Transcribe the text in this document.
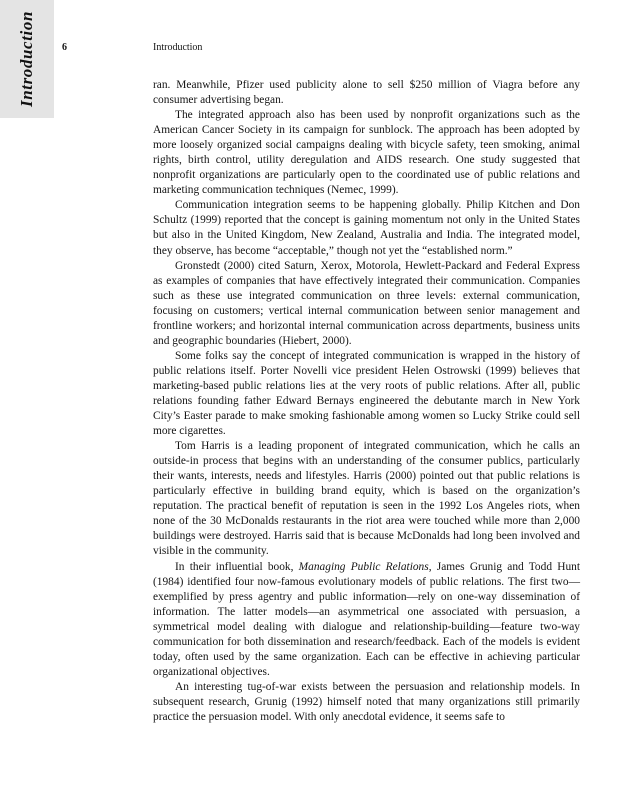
Introduction	6	Introduction

ran. Meanwhile, Pfizer used publicity alone to sell $250 million of Viagra before any consumer advertising began.

The integrated approach also has been used by nonprofit organizations such as the American Cancer Society in its campaign for sunblock. The approach has been adopted by more loosely organized social campaigns dealing with bicycle safety, teen smoking, animal rights, birth control, utility deregulation and AIDS research. One study suggested that nonprofit organizations are particularly open to the coordinated use of public relations and marketing communication techniques (Nemec, 1999).

Communication integration seems to be happening globally. Philip Kitchen and Don Schultz (1999) reported that the concept is gaining momentum not only in the United States but also in the United Kingdom, New Zealand, Australia and India. The integrated model, they observe, has become “acceptable,” though not yet the “established norm.”

Gronstedt (2000) cited Saturn, Xerox, Motorola, Hewlett-Packard and Federal Express as examples of companies that have effectively integrated their communication. Companies such as these use integrated communication on three levels: external communication, focusing on customers; vertical internal communication between senior management and frontline workers; and horizontal internal communication across departments, business units and geographic boundaries (Hiebert, 2000).

Some folks say the concept of integrated communication is wrapped in the history of public relations itself. Porter Novelli vice president Helen Ostrowski (1999) believes that marketing-based public relations lies at the very roots of public relations. After all, public relations founding father Edward Bernays engineered the debutante march in New York City’s Easter parade to make smoking fashionable among women so Lucky Strike could sell more cigarettes.

Tom Harris is a leading proponent of integrated communication, which he calls an outside-in process that begins with an understanding of the consumer publics, particularly their wants, interests, needs and lifestyles. Harris (2000) pointed out that public relations is particularly effective in building brand equity, which is based on the organization’s reputation. The practical benefit of reputation is seen in the 1992 Los Angeles riots, when none of the 30 McDonalds restaurants in the riot area were touched while more than 2,000 buildings were destroyed. Harris said that is because McDonalds had long been involved and visible in the community.

In their influential book, Managing Public Relations, James Grunig and Todd Hunt (1984) identified four now-famous evolutionary models of public relations. The first two—exemplified by press agentry and public information—rely on one-way dissemination of information. The latter models—an asymmetrical one associated with persuasion, a symmetrical model dealing with dialogue and relationship-building—feature two-way communication for both dissemination and research/feedback. Each of the models is evident today, often used by the same organization. Each can be effective in achieving particular organizational objectives.

An interesting tug-of-war exists between the persuasion and relationship models. In subsequent research, Grunig (1992) himself noted that many organizations still primarily practice the persuasion model. With only anecdotal evidence, it seems safe to
